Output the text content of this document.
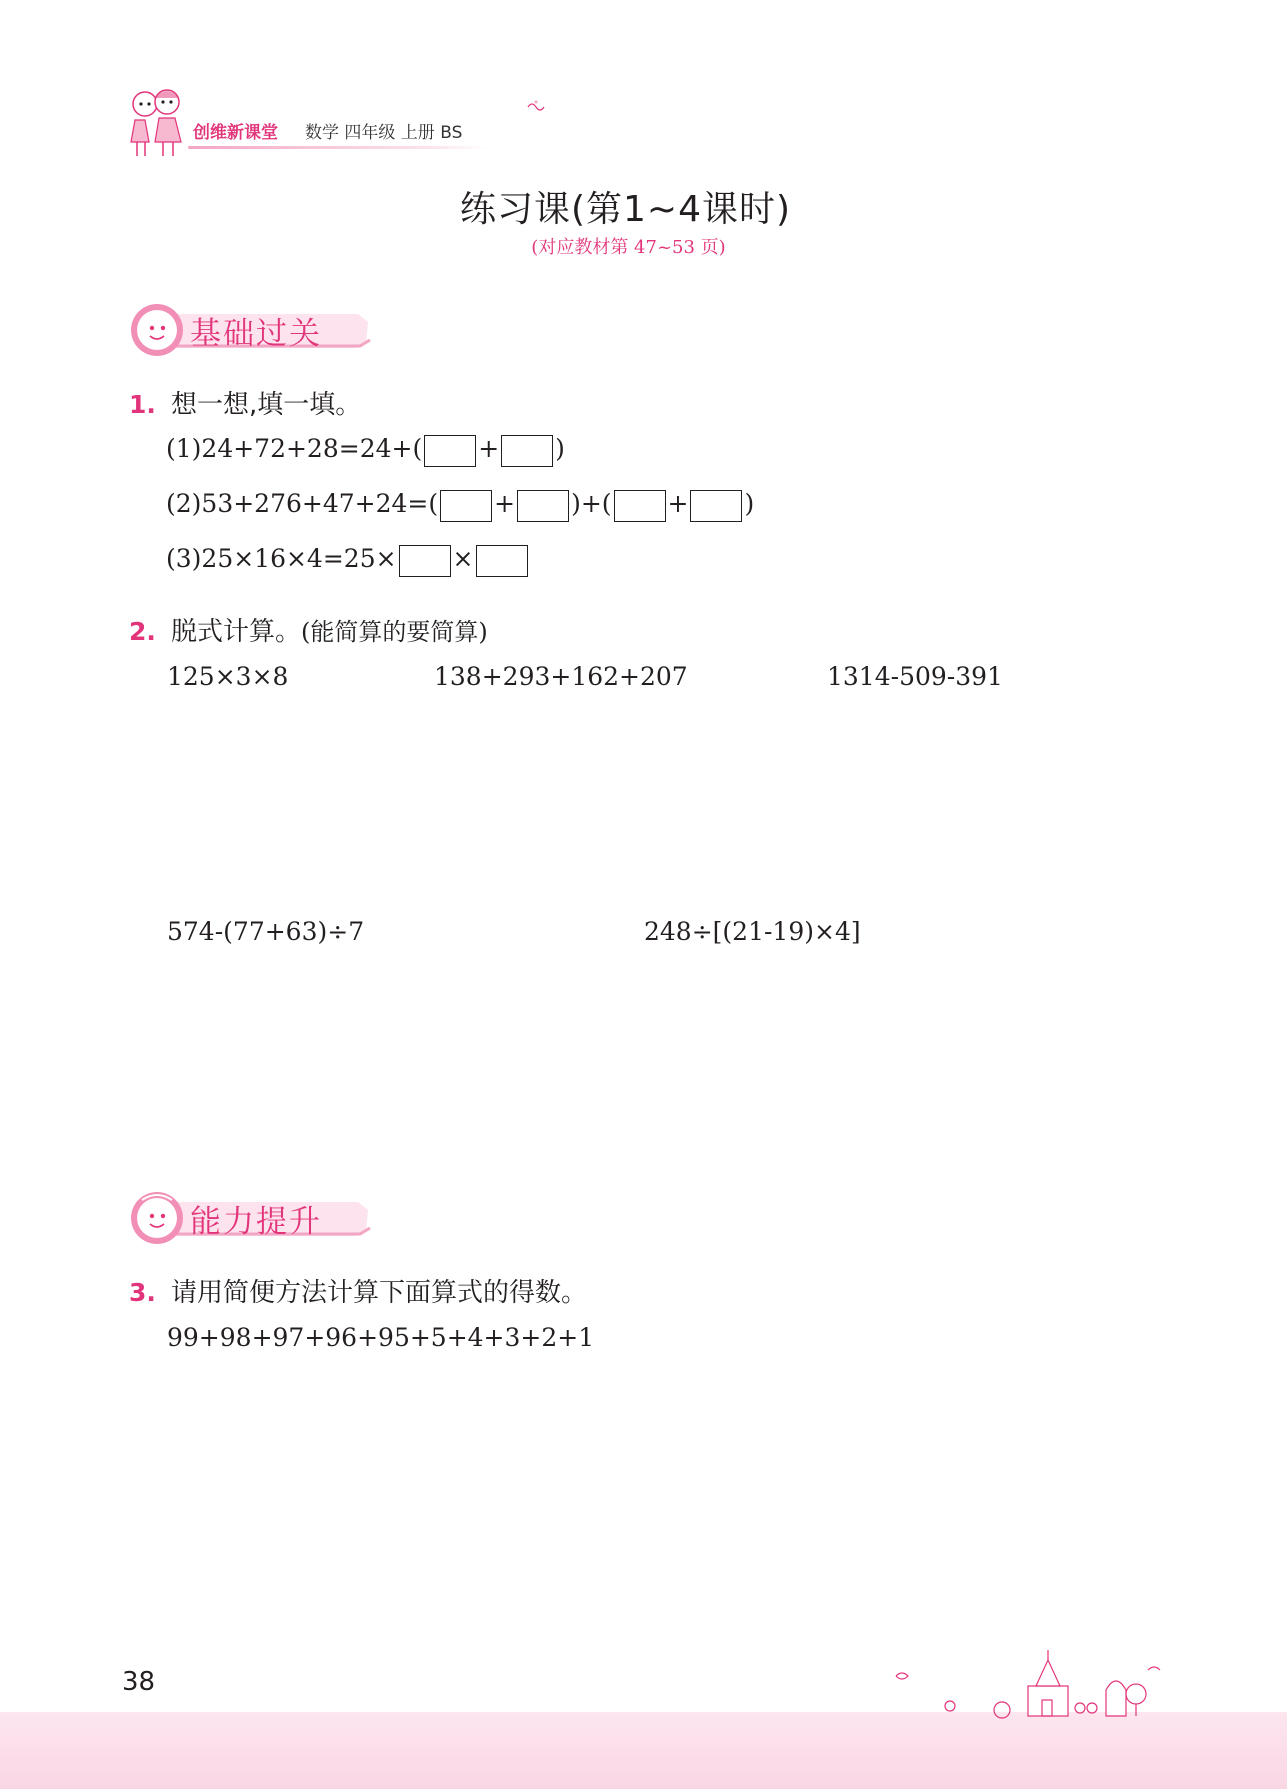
创维新课堂 数学 四年级 上册 BS
练习课(第1~4课时)
(对应教材第 47~53 页)
基础过关
1. 想一想,填一填。
(1)24+72+28=24+( + )
(2)53+276+47+24=( + )+( + )
(3)25×16×4=25× ×
2. 脱式计算。(能简算的要简算)
125×3×8	138+293+162+207	1314-509-391
574-(77+63)÷7	248÷[(21-19)×4]
能力提升
3. 请用简便方法计算下面算式的得数。
99+98+97+96+95+5+4+3+2+1
38
